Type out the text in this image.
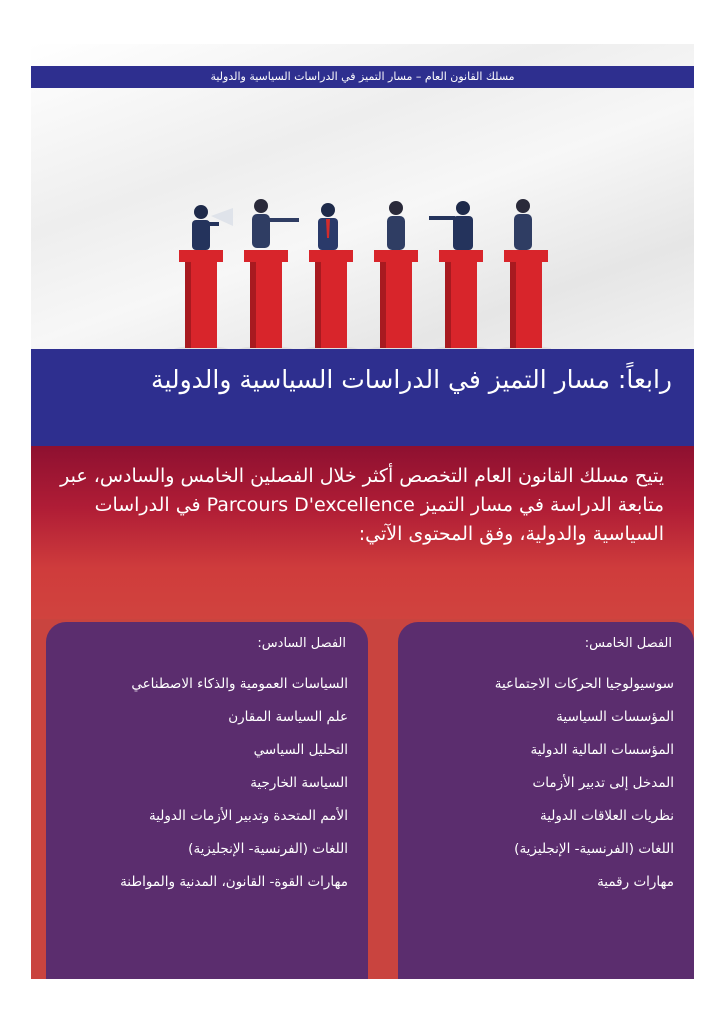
مسلك القانون العام – مسار التميز في الدراسات السياسية والدولية
رابعاً: مسار التميز في الدراسات السياسية والدولية
يتيح مسلك القانون العام التخصص أكثر خلال الفصلين الخامس والسادس، عبر متابعة الدراسة في مسار التميز Parcours D'excellence في الدراسات السياسية والدولية، وفق المحتوى الآتي:
الفصل الخامس:
سوسيولوجيا الحركات الاجتماعية
المؤسسات السياسية
المؤسسات المالية الدولية
المدخل إلى تدبير الأزمات
نظريات العلاقات الدولية
اللغات (الفرنسية- الإنجليزية)
مهارات رقمية
الفصل السادس:
السياسات العمومية والذكاء الاصطناعي
علم السياسة المقارن
التحليل السياسي
السياسة الخارجية
الأمم المتحدة وتدبير الأزمات الدولية
اللغات (الفرنسية- الإنجليزية)
مهارات القوة- القانون، المدنية والمواطنة
